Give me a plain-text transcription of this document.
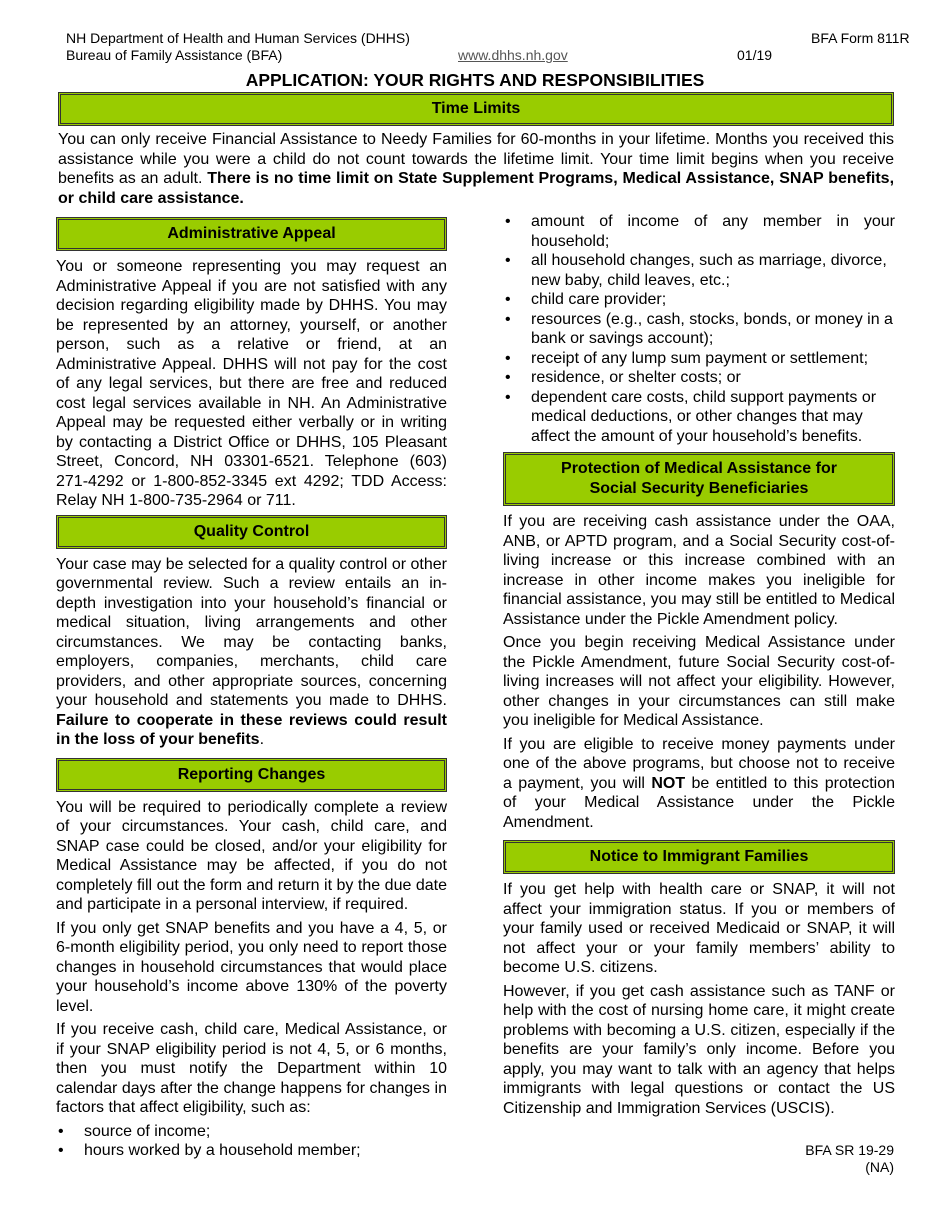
NH Department of Health and Human Services (DHHS)
Bureau of Family Assistance (BFA)	www.dhhs.nh.gov	01/19
BFA Form 811R
APPLICATION: YOUR RIGHTS AND RESPONSIBILITIES
Time Limits
You can only receive Financial Assistance to Needy Families for 60-months in your lifetime. Months you received this assistance while you were a child do not count towards the lifetime limit. Your time limit begins when you receive benefits as an adult. There is no time limit on State Supplement Programs, Medical Assistance, SNAP benefits, or child care assistance.
Administrative Appeal

You or someone representing you may request an Administrative Appeal if you are not satisfied with any decision regarding eligibility made by DHHS. You may be represented by an attorney, yourself, or another person, such as a relative or friend, at an Administrative Appeal. DHHS will not pay for the cost of any legal services, but there are free and reduced cost legal services available in NH. An Administrative Appeal may be requested either verbally or in writing by contacting a District Office or DHHS, 105 Pleasant Street, Concord, NH 03301-6521. Telephone (603) 271-4292 or 1-800-852-3345 ext 4292; TDD Access: Relay NH 1-800-735-2964 or 711.

Quality Control

Your case may be selected for a quality control or other governmental review. Such a review entails an in-depth investigation into your household’s financial or medical situation, living arrangements and other circumstances. We may be contacting banks, employers, companies, merchants, child care providers, and other appropriate sources, concerning your household and statements you made to DHHS. Failure to cooperate in these reviews could result in the loss of your benefits.

Reporting Changes

You will be required to periodically complete a review of your circumstances. Your cash, child care, and SNAP case could be closed, and/or your eligibility for Medical Assistance may be affected, if you do not completely fill out the form and return it by the due date and participate in a personal interview, if required.

If you only get SNAP benefits and you have a 4, 5, or 6-month eligibility period, you only need to report those changes in household circumstances that would place your household’s income above 130% of the poverty level.

If you receive cash, child care, Medical Assistance, or if your SNAP eligibility period is not 4, 5, or 6 months, then you must notify the Department within 10 calendar days after the change happens for changes in factors that affect eligibility, such as:

• source of income;
• hours worked by a household member;
• amount of income of any member in your household;
• all household changes, such as marriage, divorce, new baby, child leaves, etc.;
• child care provider;
• resources (e.g., cash, stocks, bonds, or money in a bank or savings account);
• receipt of any lump sum payment or settlement;
• residence, or shelter costs; or
• dependent care costs, child support payments or medical deductions, or other changes that may affect the amount of your household’s benefits.
Protection of Medical Assistance for
Social Security Beneficiaries

If you are receiving cash assistance under the OAA, ANB, or APTD program, and a Social Security cost-of-living increase or this increase combined with an increase in other income makes you ineligible for financial assistance, you may still be entitled to Medical Assistance under the Pickle Amendment policy.

Once you begin receiving Medical Assistance under the Pickle Amendment, future Social Security cost-of-living increases will not affect your eligibility. However, other changes in your circumstances can still make you ineligible for Medical Assistance.

If you are eligible to receive money payments under one of the above programs, but choose not to receive a payment, you will NOT be entitled to this protection of your Medical Assistance under the Pickle Amendment.

Notice to Immigrant Families

If you get help with health care or SNAP, it will not affect your immigration status. If you or members of your family used or received Medicaid or SNAP, it will not affect your or your family members’ ability to become U.S. citizens.

However, if you get cash assistance such as TANF or help with the cost of nursing home care, it might create problems with becoming a U.S. citizen, especially if the benefits are your family’s only income. Before you apply, you may want to talk with an agency that helps immigrants with legal questions or contact the US Citizenship and Immigration Services (USCIS).

BFA SR 19-29
(NA)
